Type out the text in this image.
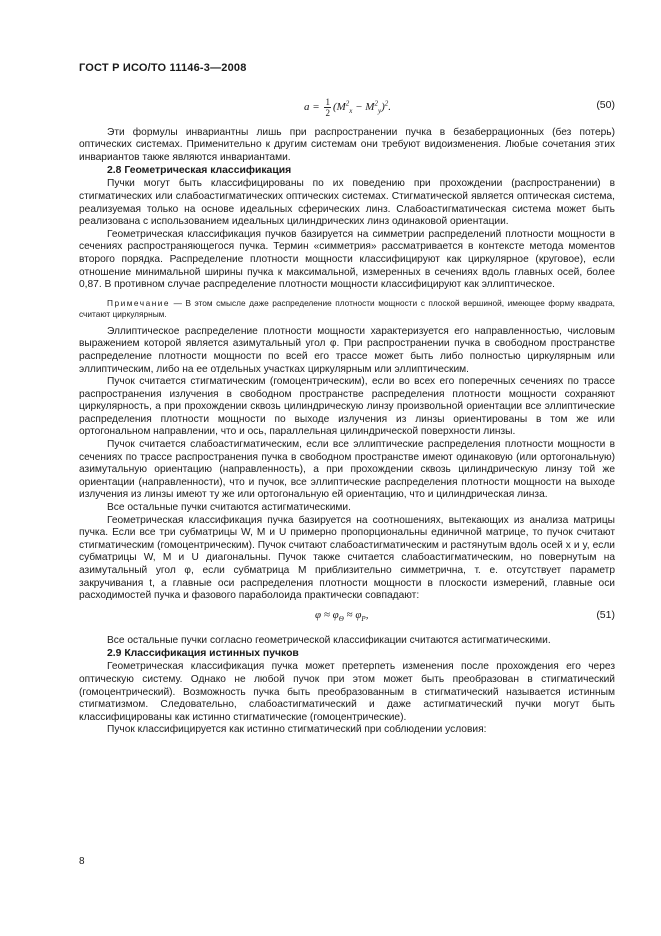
ГОСТ Р ИСО/ТО 11146-3—2008
$a = \frac{1}{2} (M^2_x - M^2_y)^2$.	(50)

Эти формулы инвариантны лишь при распространении пучка в безаберрационных (без потерь) оптических системах. Применительно к другим системам они требуют видоизменения. Любые сочетания этих инвариантов также являются инвариантами.

2.8 Геометрическая классификация

Пучки могут быть классифицированы по их поведению при прохождении (распространении) в стигматических или слабоастигматических оптических системах. Стигматической является оптическая система, реализуемая только на основе идеальных сферических линз. Слабоастигматическая система может быть реализована с использованием идеальных цилиндрических линз одинаковой ориентации.

Геометрическая классификация пучков базируется на симметрии распределений плотности мощности в сечениях распространяющегося пучка. Термин «симметрия» рассматривается в контексте метода моментов второго порядка. Распределение плотности мощности классифицируют как циркулярное (круговое), если отношение минимальной ширины пучка к максимальной, измеренных в сечениях вдоль главных осей, более 0,87. В противном случае распределение плотности мощности классифицируют как эллиптическое.

Примечание — В этом смысле даже распределение плотности мощности с плоской вершиной, имеющее форму квадрата, считают циркулярным.

Эллиптическое распределение плотности мощности характеризуется его направленностью, числовым выражением которой является азимутальный угол φ. При распространении пучка в свободном пространстве распределение плотности мощности по всей его трассе может быть либо полностью циркулярным или эллиптическим, либо на ее отдельных участках циркулярным или эллиптическим.

Пучок считается стигматическим (гомоцентрическим), если во всех его поперечных сечениях по трассе распространения излучения в свободном пространстве распределения плотности мощности сохраняют циркулярность, а при прохождении сквозь цилиндрическую линзу произвольной ориентации все эллиптические распределения плотности мощности по выходе излучения из линзы ориентированы в том же или ортогональном направлении, что и ось, параллельная цилиндрической поверхности линзы.

Пучок считается слабоастигматическим, если все эллиптические распределения плотности мощности в сечениях по трассе распространения пучка в свободном пространстве имеют одинаковую (или ортогональную) азимутальную ориентацию (направленность), а при прохождении сквозь цилиндрическую линзу той же ориентации (направленности), что и пучок, все эллиптические распределения плотности мощности на выходе излучения из линзы имеют ту же или ортогональную ей ориентацию, что и цилиндрическая линза.

Все остальные пучки считаются астигматическими.

Геометрическая классификация пучка базируется на соотношениях, вытекающих из анализа матрицы пучка. Если все три субматрицы W, M и U примерно пропорциональны единичной матрице, то пучок считают стигматическим (гомоцентрическим). Пучок считают слабоастигматическим и растянутым вдоль осей x и y, если субматрицы W, M и U диагональны. Пучок также считается слабоастигматическим, но повернутым на азимутальный угол φ, если субматрица M приблизительно симметрична, т. е. отсутствует параметр закручивания t, а главные оси распределения плотности мощности в плоскости измерений, главные оси расходимостей пучка и фазового параболоида практически совпадают:

$\varphi \approx \varphi_\Theta \approx \varphi_P$,	(51)

Все остальные пучки согласно геометрической классификации считаются астигматическими.

2.9 Классификация истинных пучков

Геометрическая классификация пучка может претерпеть изменения после прохождения его через оптическую систему. Однако не любой пучок при этом может быть преобразован в стигматический (гомоцентрический). Возможность пучка быть преобразованным в стигматический называется истинным стигматизмом. Следовательно, слабоастигматический и даже астигматический пучки могут быть классифицированы как истинно стигматические (гомоцентрические).

Пучок классифицируется как истинно стигматический при соблюдении условия:

8
